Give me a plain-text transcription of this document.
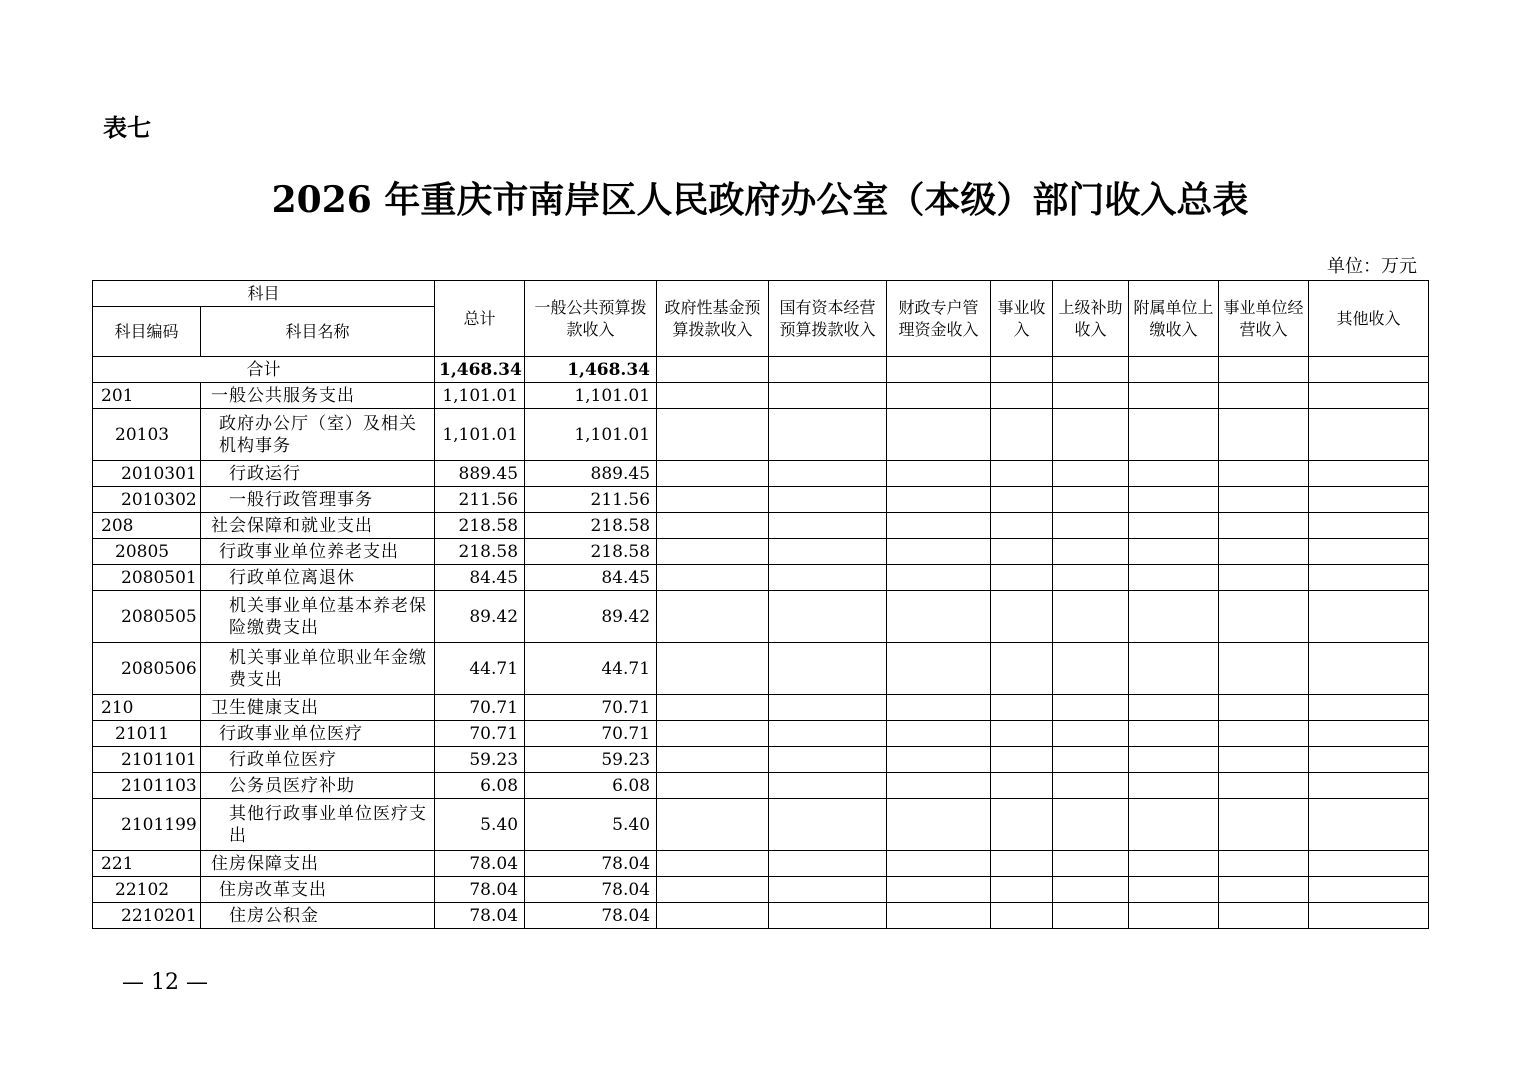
表七
2026 年重庆市南岸区人民政府办公室（本级）部门收入总表
单位：万元
科目		总计	一般公共预算拨款收入	政府性基金预算拨款收入	国有资本经营预算拨款收入	财政专户管理资金收入	事业收入	上级补助收入	附属单位上缴收入	事业单位经营收入	其他收入
科目编码	科目名称										
合计		1,468.34	1,468.34								
201	一般公共服务支出	1,101.01	1,101.01								
20103	政府办公厅（室）及相关机构事务	1,101.01	1,101.01								
2010301	行政运行	889.45	889.45								
2010302	一般行政管理事务	211.56	211.56								
208	社会保障和就业支出	218.58	218.58								
20805	行政事业单位养老支出	218.58	218.58								
2080501	行政单位离退休	84.45	84.45								
2080505	机关事业单位基本养老保险缴费支出	89.42	89.42								
2080506	机关事业单位职业年金缴费支出	44.71	44.71								
210	卫生健康支出	70.71	70.71								
21011	行政事业单位医疗	70.71	70.71								
2101101	行政单位医疗	59.23	59.23								
2101103	公务员医疗补助	6.08	6.08								
2101199	其他行政事业单位医疗支出	5.40	5.40								
221	住房保障支出	78.04	78.04								
22102	住房改革支出	78.04	78.04								
2210201	住房公积金	78.04	78.04								
— 12 —
